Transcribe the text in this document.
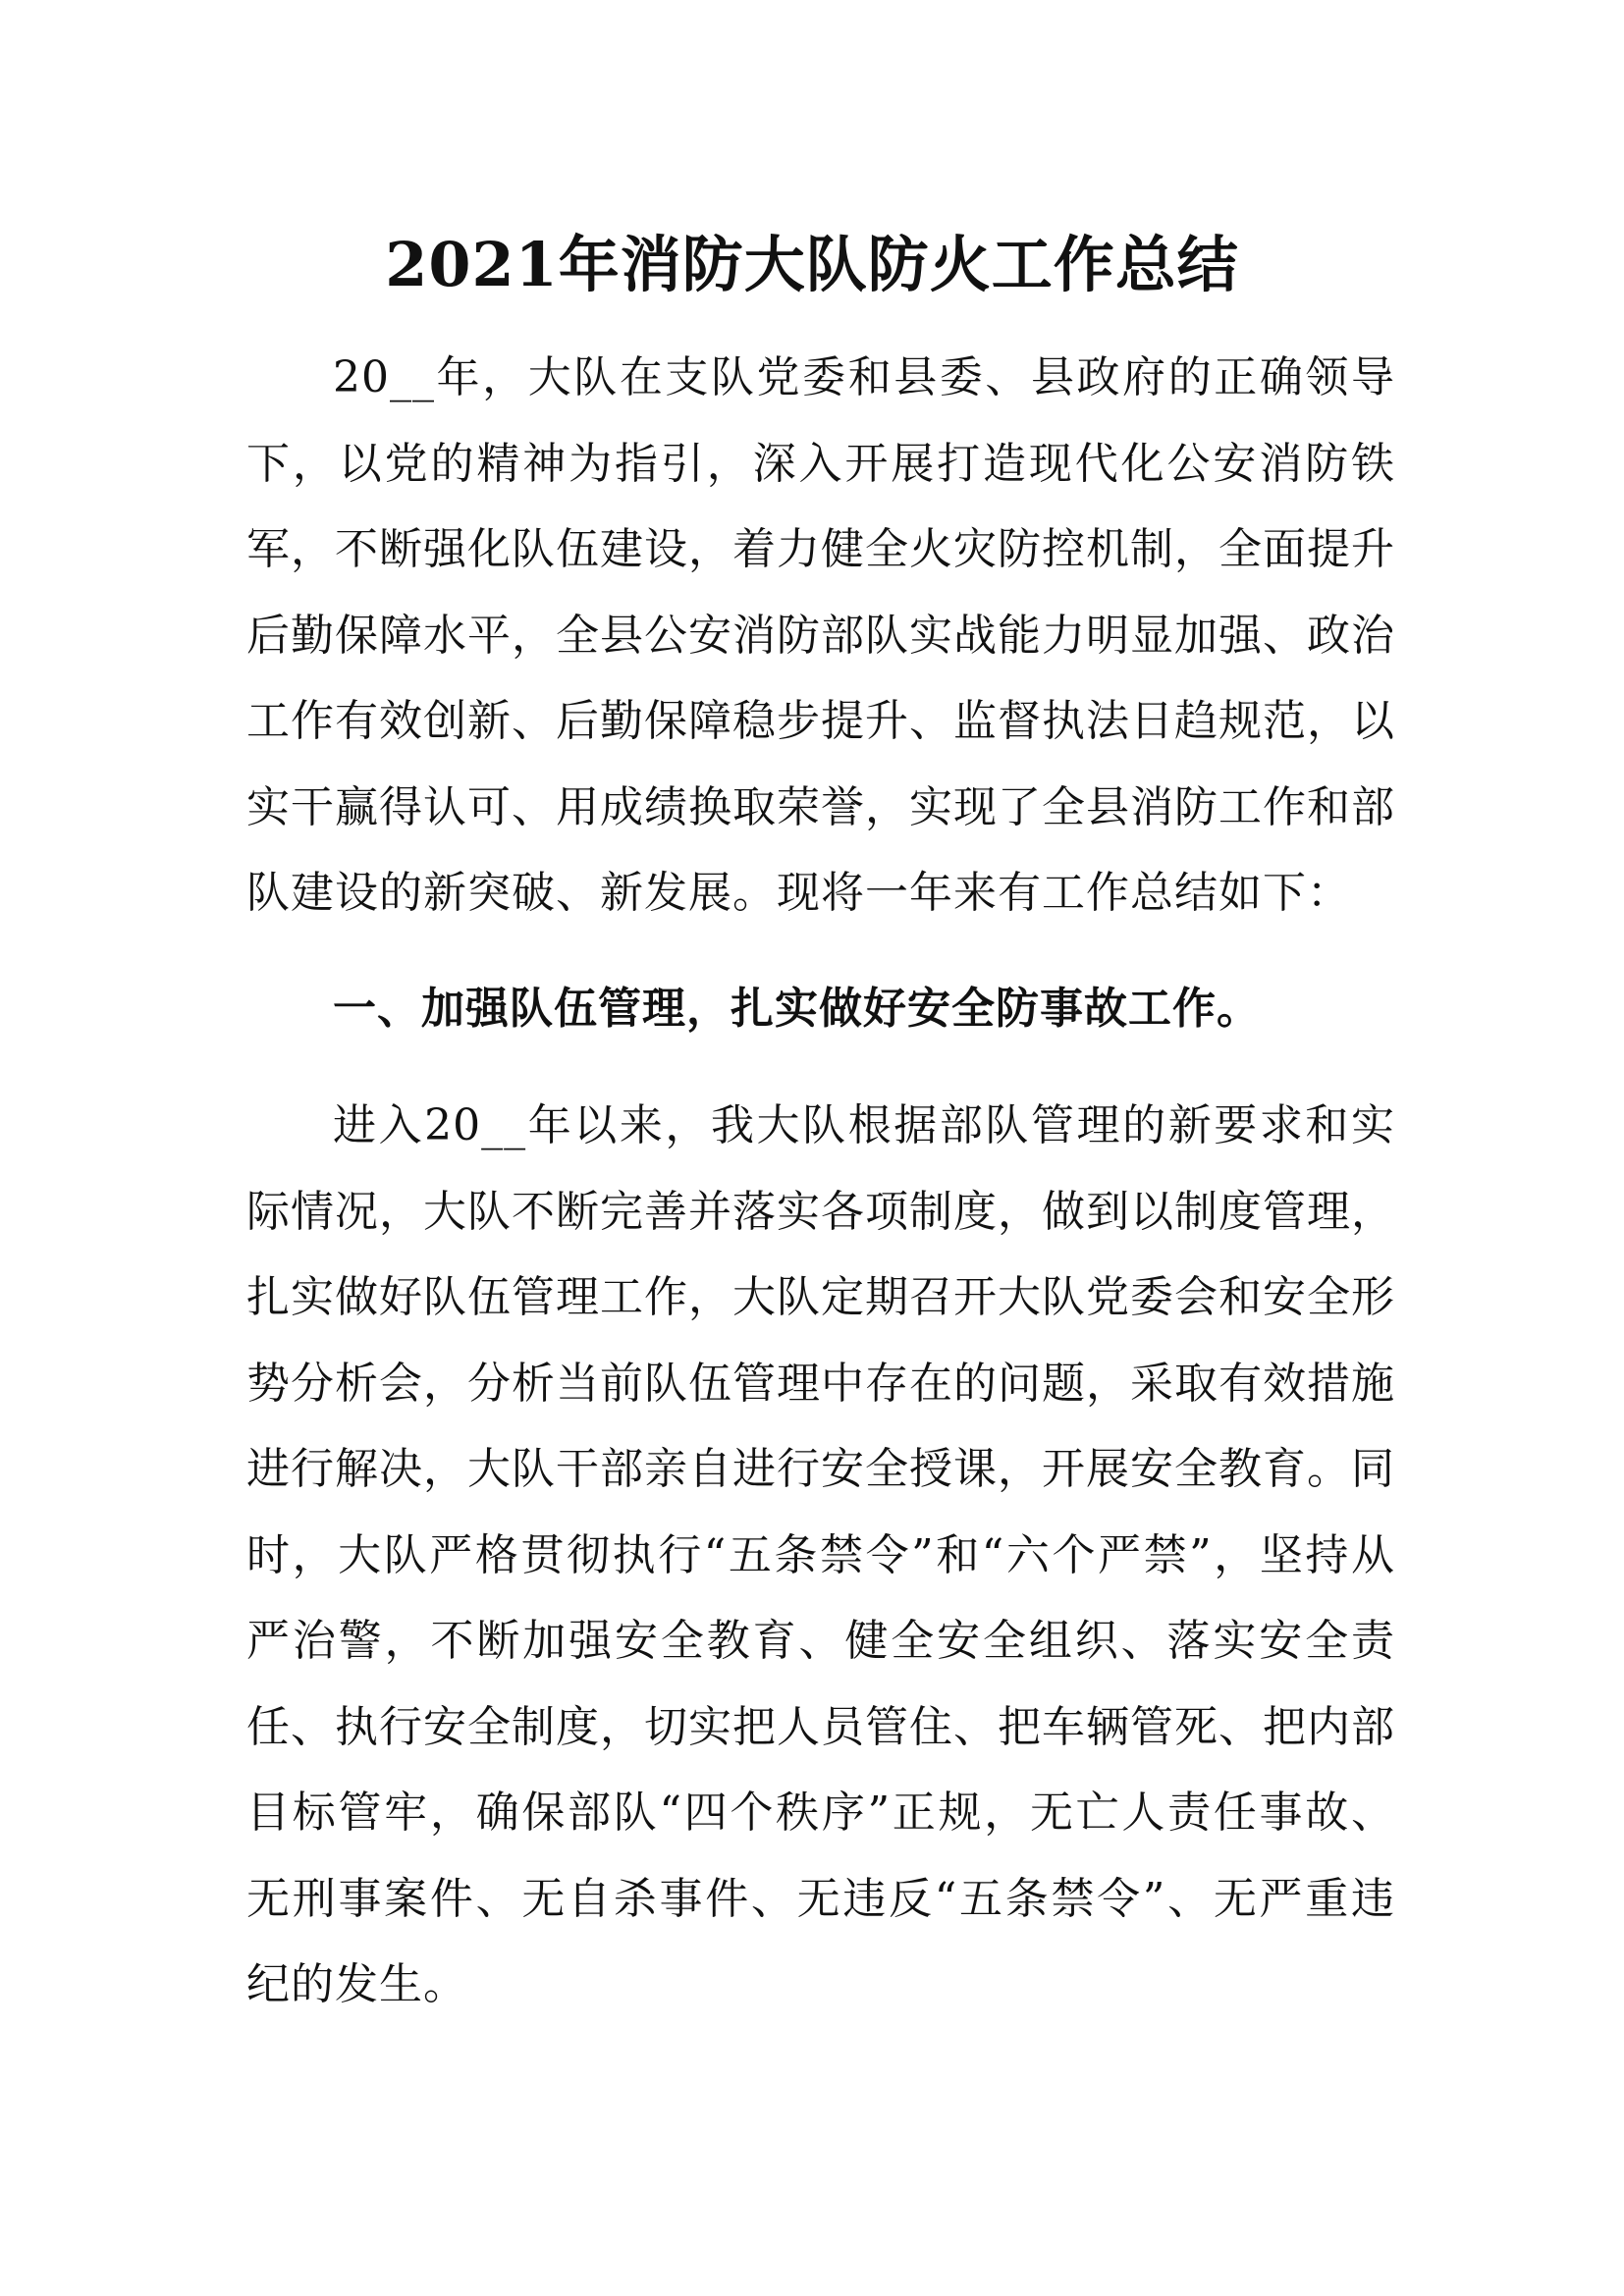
2021年消防大队防火工作总结

20__年，大队在支队党委和县委、县政府的正确领导下，以党的精神为指引，深入开展打造现代化公安消防铁军，不断强化队伍建设，着力健全火灾防控机制，全面提升后勤保障水平，全县公安消防部队实战能力明显加强、政治工作有效创新、后勤保障稳步提升、监督执法日趋规范，以实干赢得认可、用成绩换取荣誉，实现了全县消防工作和部队建设的新突破、新发展。现将一年来有工作总结如下：

一、加强队伍管理，扎实做好安全防事故工作。

进入20__年以来，我大队根据部队管理的新要求和实际情况，大队不断完善并落实各项制度，做到以制度管理，扎实做好队伍管理工作，大队定期召开大队党委会和安全形势分析会，分析当前队伍管理中存在的问题，采取有效措施进行解决，大队干部亲自进行安全授课，开展安全教育。同时，大队严格贯彻执行“五条禁令”和“六个严禁”，坚持从严治警，不断加强安全教育、健全安全组织、落实安全责任、执行安全制度，切实把人员管住、把车辆管死、把内部目标管牢，确保部队“四个秩序”正规，无亡人责任事故、无刑事案件、无自杀事件、无违反“五条禁令”、无严重违纪的发生。
